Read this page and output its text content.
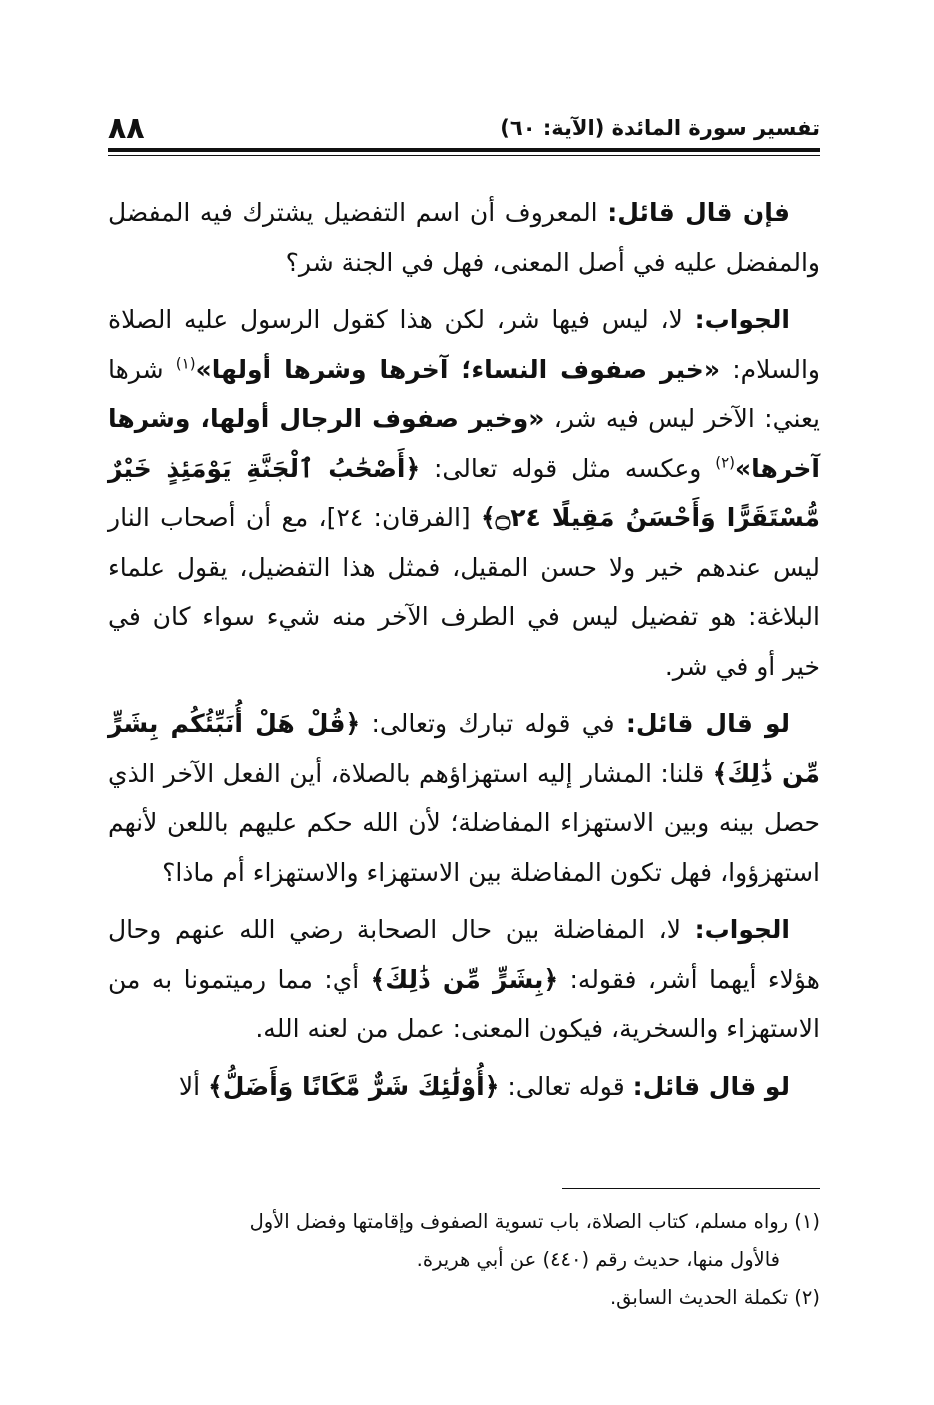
٨٨	تفسير سورة المائدة (الآية: ٦٠)

فإن قال قائل: المعروف أن اسم التفضيل يشترك فيه المفضل والمفضل عليه في أصل المعنى، فهل في الجنة شر؟

الجواب: لا، ليس فيها شر، لكن هذا كقول الرسول عليه الصلاة والسلام: «خير صفوف النساء؛ آخرها وشرها أولها»$^{(١)}$ شرها يعني: الآخر ليس فيه شر، «وخير صفوف الرجال أولها، وشرها آخرها»$^{(٢)}$ وعكسه مثل قوله تعالى: ﴿أَصْحَٰبُ ٱلْجَنَّةِ يَوْمَئِذٍ خَيْرٌ مُّسْتَقَرًّا وَأَحْسَنُ مَقِيلًا ۝٢٤﴾ [الفرقان: ٢٤]، مع أن أصحاب النار ليس عندهم خير ولا حسن المقيل، فمثل هذا التفضيل، يقول علماء البلاغة: هو تفضيل ليس في الطرف الآخر منه شيء سواء كان في خير أو في شر.

لو قال قائل: في قوله تبارك وتعالى: ﴿قُلْ هَلْ أُنَبِّئُكُم بِشَرٍّ مِّن ذَٰلِكَ﴾ قلنا: المشار إليه استهزاؤهم بالصلاة، أين الفعل الآخر الذي حصل بينه وبين الاستهزاء المفاضلة؛ لأن الله حكم عليهم باللعن لأنهم استهزؤوا، فهل تكون المفاضلة بين الاستهزاء والاستهزاء أم ماذا؟

الجواب: لا، المفاضلة بين حال الصحابة رضي الله عنهم وحال هؤلاء أيهما أشر، فقوله: ﴿بِشَرٍّ مِّن ذَٰلِكَ﴾ أي: مما رميتمونا به من الاستهزاء والسخرية، فيكون المعنى: عمل من لعنه الله.

لو قال قائل: قوله تعالى: ﴿أُوْلَٰئِكَ شَرٌّ مَّكَانًا وَأَضَلُّ﴾ ألا

(١) رواه مسلم، كتاب الصلاة، باب تسوية الصفوف وإقامتها وفضل الأول

فالأول منها، حديث رقم (٤٤٠) عن أبي هريرة.

(٢) تكملة الحديث السابق.
